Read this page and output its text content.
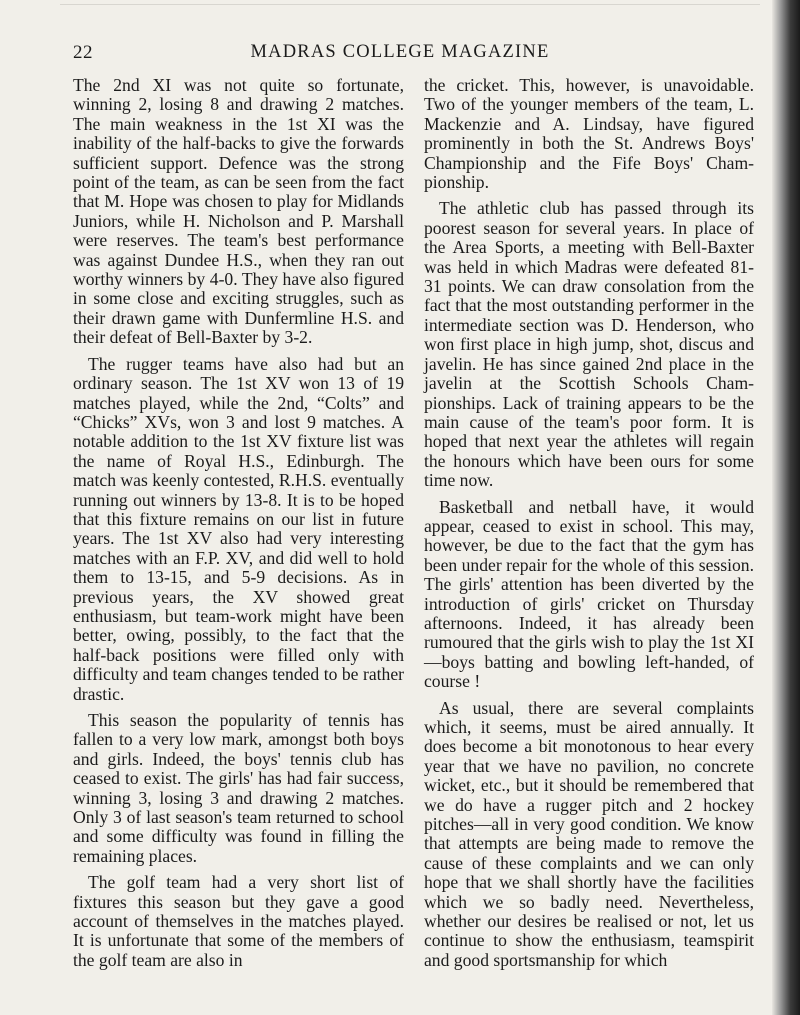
22	MADRAS COLLEGE MAGAZINE

The 2nd XI was not quite so fortunate, winning 2, losing 8 and drawing 2 matches. The main weakness in the 1st XI was the inability of the half-backs to give the forwards sufficient support. Defence was the strong point of the team, as can be seen from the fact that M. Hope was chosen to play for Midlands Juniors, while H. Nicholson and P. Marshall were reserves. The team's best performance was against Dundee H.S., when they ran out worthy winners by 4-0. They have also figured in some close and exciting struggles, such as their drawn game with Dunfermline H.S. and their defeat of Bell-Baxter by 3-2.

The rugger teams have also had but an ordinary season. The 1st XV won 13 of 19 matches played, while the 2nd, “Colts” and “Chicks” XVs, won 3 and lost 9 matches. A notable addition to the 1st XV fixture list was the name of Royal H.S., Edinburgh. The match was keenly contested, R.H.S. eventually running out winners by 13-8. It is to be hoped that this fixture remains on our list in future years. The 1st XV also had very interesting matches with an F.P. XV, and did well to hold them to 13-15, and 5-9 decisions. As in previous years, the XV showed great enthusiasm, but team-work might have been better, owing, possibly, to the fact that the half-back positions were filled only with difficulty and team changes tended to be rather drastic.

This season the popularity of tennis has fallen to a very low mark, amongst both boys and girls. Indeed, the boys' tennis club has ceased to exist. The girls' has had fair success, winning 3, losing 3 and drawing 2 matches. Only 3 of last season's team returned to school and some difficulty was found in filling the remaining places.

The golf team had a very short list of fixtures this season but they gave a good account of themselves in the matches played. It is unfortunate that some of the members of the golf team are also in

the cricket. This, however, is unavoidable. Two of the younger members of the team, L. Mackenzie and A. Lindsay, have figured prominently in both the St. Andrews Boys' Championship and the Fife Boys' Championship.

The athletic club has passed through its poorest season for several years. In place of the Area Sports, a meeting with Bell-Baxter was held in which Madras were defeated 81-31 points. We can draw consolation from the fact that the most outstanding performer in the intermediate section was D. Henderson, who won first place in high jump, shot, discus and javelin. He has since gained 2nd place in the javelin at the Scottish Schools Championships. Lack of training appears to be the main cause of the team's poor form. It is hoped that next year the athletes will regain the honours which have been ours for some time now.

Basketball and netball have, it would appear, ceased to exist in school. This may, however, be due to the fact that the gym has been under repair for the whole of this session. The girls' attention has been diverted by the introduction of girls' cricket on Thursday afternoons. Indeed, it has already been rumoured that the girls wish to play the 1st XI—boys batting and bowling left-handed, of course !

As usual, there are several complaints which, it seems, must be aired annually. It does become a bit monotonous to hear every year that we have no pavilion, no concrete wicket, etc., but it should be remembered that we do have a rugger pitch and 2 hockey pitches—all in very good condition. We know that attempts are being made to remove the cause of these complaints and we can only hope that we shall shortly have the facilities which we so badly need. Nevertheless, whether our desires be realised or not, let us continue to show the enthusiasm, teamspirit and good sportsmanship for which
